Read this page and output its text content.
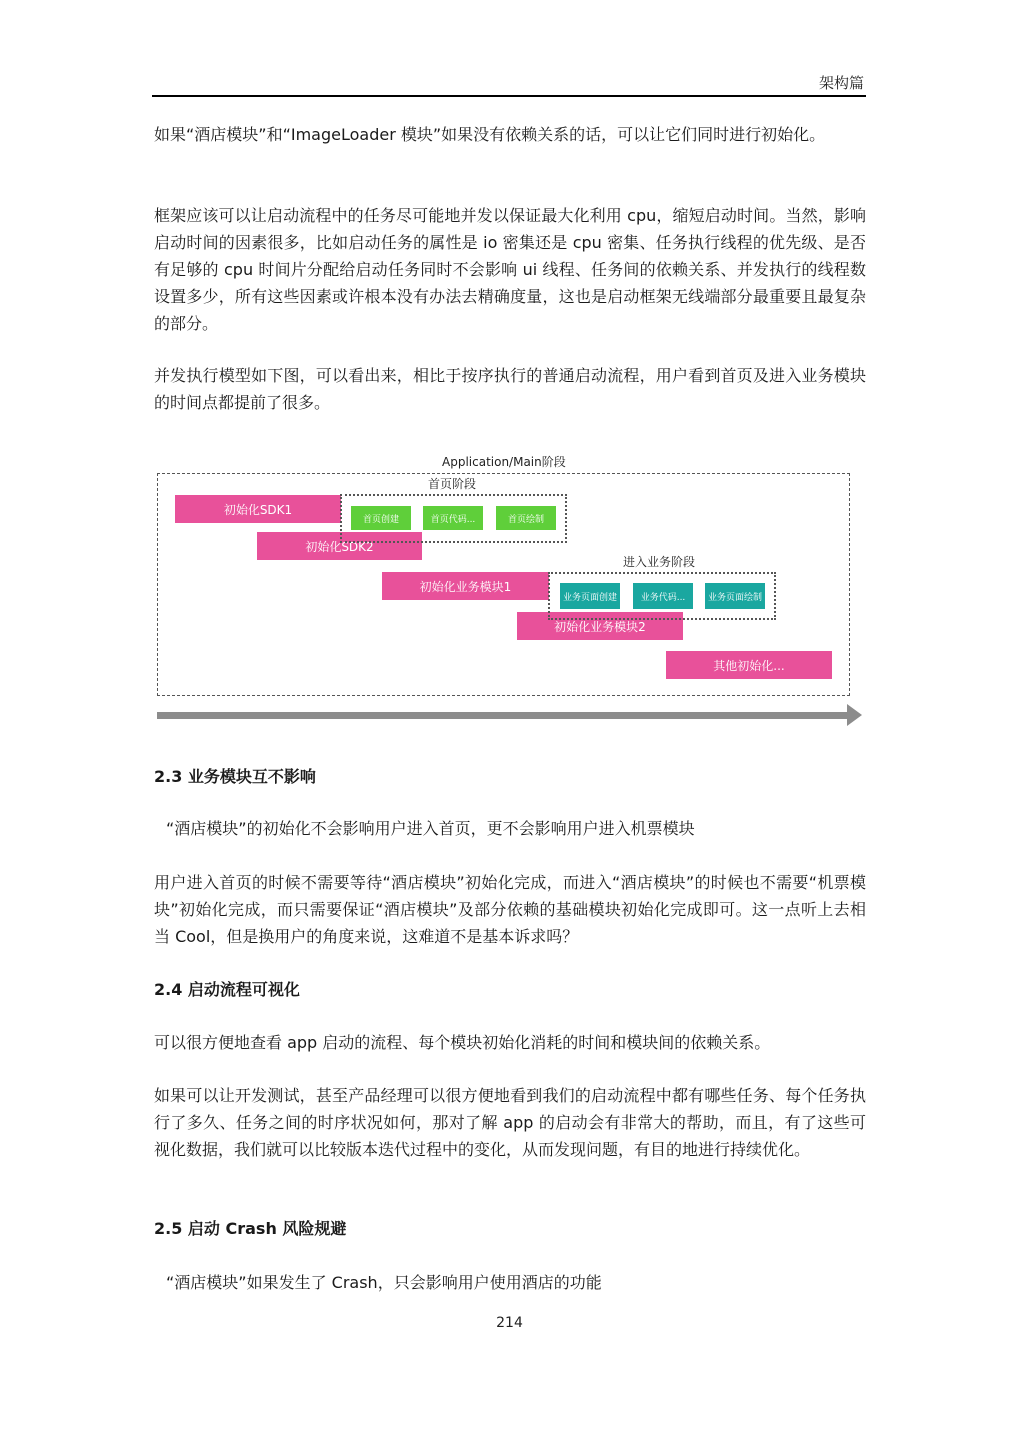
架构篇

如果“酒店模块”和“ImageLoader 模块”如果没有依赖关系的话，可以让它们同时进行初始化。

框架应该可以让启动流程中的任务尽可能地并发以保证最大化利用 cpu，缩短启动时间。当然，影响启动时间的因素很多，比如启动任务的属性是 io 密集还是 cpu 密集、任务执行线程的优先级、是否有足够的 cpu 时间片分配给启动任务同时不会影响 ui 线程、任务间的依赖关系、并发执行的线程数设置多少，所有这些因素或许根本没有办法去精确度量，这也是启动框架无线端部分最重要且最复杂的部分。

并发执行模型如下图，可以看出来，相比于按序执行的普通启动流程，用户看到首页及进入业务模块的时间点都提前了很多。

Application/Main阶段
首页阶段
初始化SDK1
初始化SDK2
首页创建	首页代码...	首页绘制
进入业务阶段
初始化业务模块1
初始化业务模块2
业务页面创建	业务代码...	业务页面绘制
其他初始化...
2.3 业务模块互不影响

“酒店模块”的初始化不会影响用户进入首页，更不会影响用户进入机票模块

用户进入首页的时候不需要等待“酒店模块”初始化完成，而进入“酒店模块”的时候也不需要“机票模块”初始化完成，而只需要保证“酒店模块”及部分依赖的基础模块初始化完成即可。这一点听上去相当 Cool，但是换用户的角度来说，这难道不是基本诉求吗？

2.4 启动流程可视化

可以很方便地查看 app 启动的流程、每个模块初始化消耗的时间和模块间的依赖关系。

如果可以让开发测试，甚至产品经理可以很方便地看到我们的启动流程中都有哪些任务、每个任务执行了多久、任务之间的时序状况如何，那对了解 app 的启动会有非常大的帮助，而且，有了这些可视化数据，我们就可以比较版本迭代过程中的变化，从而发现问题，有目的地进行持续优化。

2.5 启动 Crash 风险规避

“酒店模块”如果发生了 Crash，只会影响用户使用酒店的功能

214
